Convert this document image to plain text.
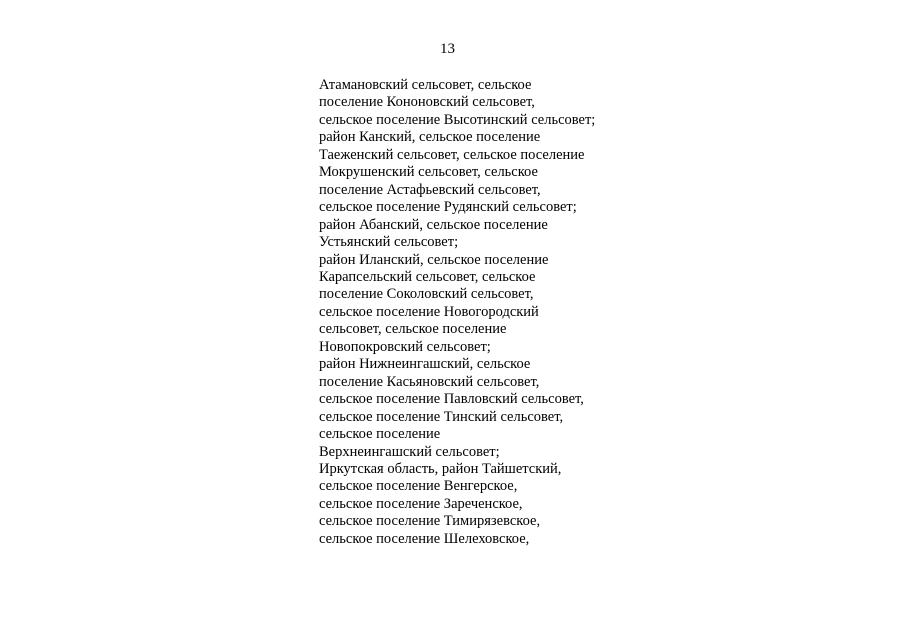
13
Атамановский сельсовет, сельское
поселение Кононовский сельсовет,
сельское поселение Высотинский сельсовет;
район Канский, сельское поселение
Таеженский сельсовет, сельское поселение
Мокрушенский сельсовет, сельское
поселение Астафьевский сельсовет,
сельское поселение Рудянский сельсовет;
район Абанский, сельское поселение
Устьянский сельсовет;
район Иланский, сельское поселение
Карапсельский сельсовет, сельское
поселение Соколовский сельсовет,
сельское поселение Новогородский
сельсовет, сельское поселение
Новопокровский сельсовет;
район Нижнеингашский, сельское
поселение Касьяновский сельсовет,
сельское поселение Павловский сельсовет,
сельское поселение Тинский сельсовет,
сельское поселение
Верхнеингашский сельсовет;
Иркутская область, район Тайшетский,
сельское поселение Венгерское,
сельское поселение Зареченское,
сельское поселение Тимирязевское,
сельское поселение Шелеховское,
